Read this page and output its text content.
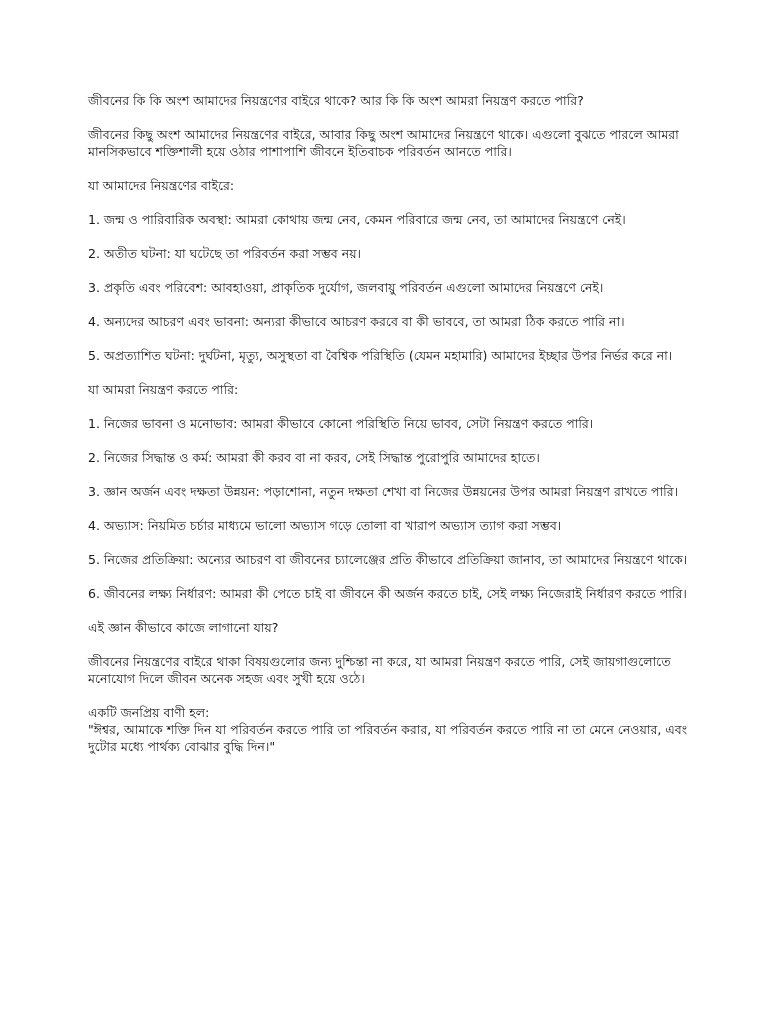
জীবনের কি কি অংশ আমাদের নিয়ন্ত্রণের বাইরে থাকে? আর কি কি অংশ আমরা নিয়ন্ত্রণ করতে পারি?

জীবনের কিছু অংশ আমাদের নিয়ন্ত্রণের বাইরে, আবার কিছু অংশ আমাদের নিয়ন্ত্রণে থাকে। এগুলো বুঝতে পারলে আমরা মানসিকভাবে শক্তিশালী হয়ে ওঠার পাশাপাশি জীবনে ইতিবাচক পরিবর্তন আনতে পারি।

যা আমাদের নিয়ন্ত্রণের বাইরে:

1. জন্ম ও পারিবারিক অবস্থা: আমরা কোথায় জন্ম নেব, কেমন পরিবারে জন্ম নেব, তা আমাদের নিয়ন্ত্রণে নেই।

2. অতীত ঘটনা: যা ঘটেছে তা পরিবর্তন করা সম্ভব নয়।

3. প্রকৃতি এবং পরিবেশ: আবহাওয়া, প্রাকৃতিক দুর্যোগ, জলবায়ু পরিবর্তন এগুলো আমাদের নিয়ন্ত্রণে নেই।

4. অন্যদের আচরণ এবং ভাবনা: অন্যরা কীভাবে আচরণ করবে বা কী ভাববে, তা আমরা ঠিক করতে পারি না।

5. অপ্রত্যাশিত ঘটনা: দুর্ঘটনা, মৃত্যু, অসুস্থতা বা বৈশ্বিক পরিস্থিতি (যেমন মহামারি) আমাদের ইচ্ছার উপর নির্ভর করে না।

যা আমরা নিয়ন্ত্রণ করতে পারি:

1. নিজের ভাবনা ও মনোভাব: আমরা কীভাবে কোনো পরিস্থিতি নিয়ে ভাবব, সেটা নিয়ন্ত্রণ করতে পারি।

2. নিজের সিদ্ধান্ত ও কর্ম: আমরা কী করব বা না করব, সেই সিদ্ধান্ত পুরোপুরি আমাদের হাতে।

3. জ্ঞান অর্জন এবং দক্ষতা উন্নয়ন: পড়াশোনা, নতুন দক্ষতা শেখা বা নিজের উন্নয়নের উপর আমরা নিয়ন্ত্রণ রাখতে পারি।

4. অভ্যাস: নিয়মিত চর্চার মাধ্যমে ভালো অভ্যাস গড়ে তোলা বা খারাপ অভ্যাস ত্যাগ করা সম্ভব।

5. নিজের প্রতিক্রিয়া: অন্যের আচরণ বা জীবনের চ্যালেঞ্জের প্রতি কীভাবে প্রতিক্রিয়া জানাব, তা আমাদের নিয়ন্ত্রণে থাকে।

6. জীবনের লক্ষ্য নির্ধারণ: আমরা কী পেতে চাই বা জীবনে কী অর্জন করতে চাই, সেই লক্ষ্য নিজেরাই নির্ধারণ করতে পারি।

এই জ্ঞান কীভাবে কাজে লাগানো যায়?

জীবনের নিয়ন্ত্রণের বাইরে থাকা বিষয়গুলোর জন্য দুশ্চিন্তা না করে, যা আমরা নিয়ন্ত্রণ করতে পারি, সেই জায়গাগুলোতে মনোযোগ দিলে জীবন অনেক সহজ এবং সুখী হয়ে ওঠে।

একটি জনপ্রিয় বাণী হল:

"ঈশ্বর, আমাকে শক্তি দিন যা পরিবর্তন করতে পারি তা পরিবর্তন করার, যা পরিবর্তন করতে পারি না তা মেনে নেওয়ার, এবং দুটোর মধ্যে পার্থক্য বোঝার বুদ্ধি দিন।"
